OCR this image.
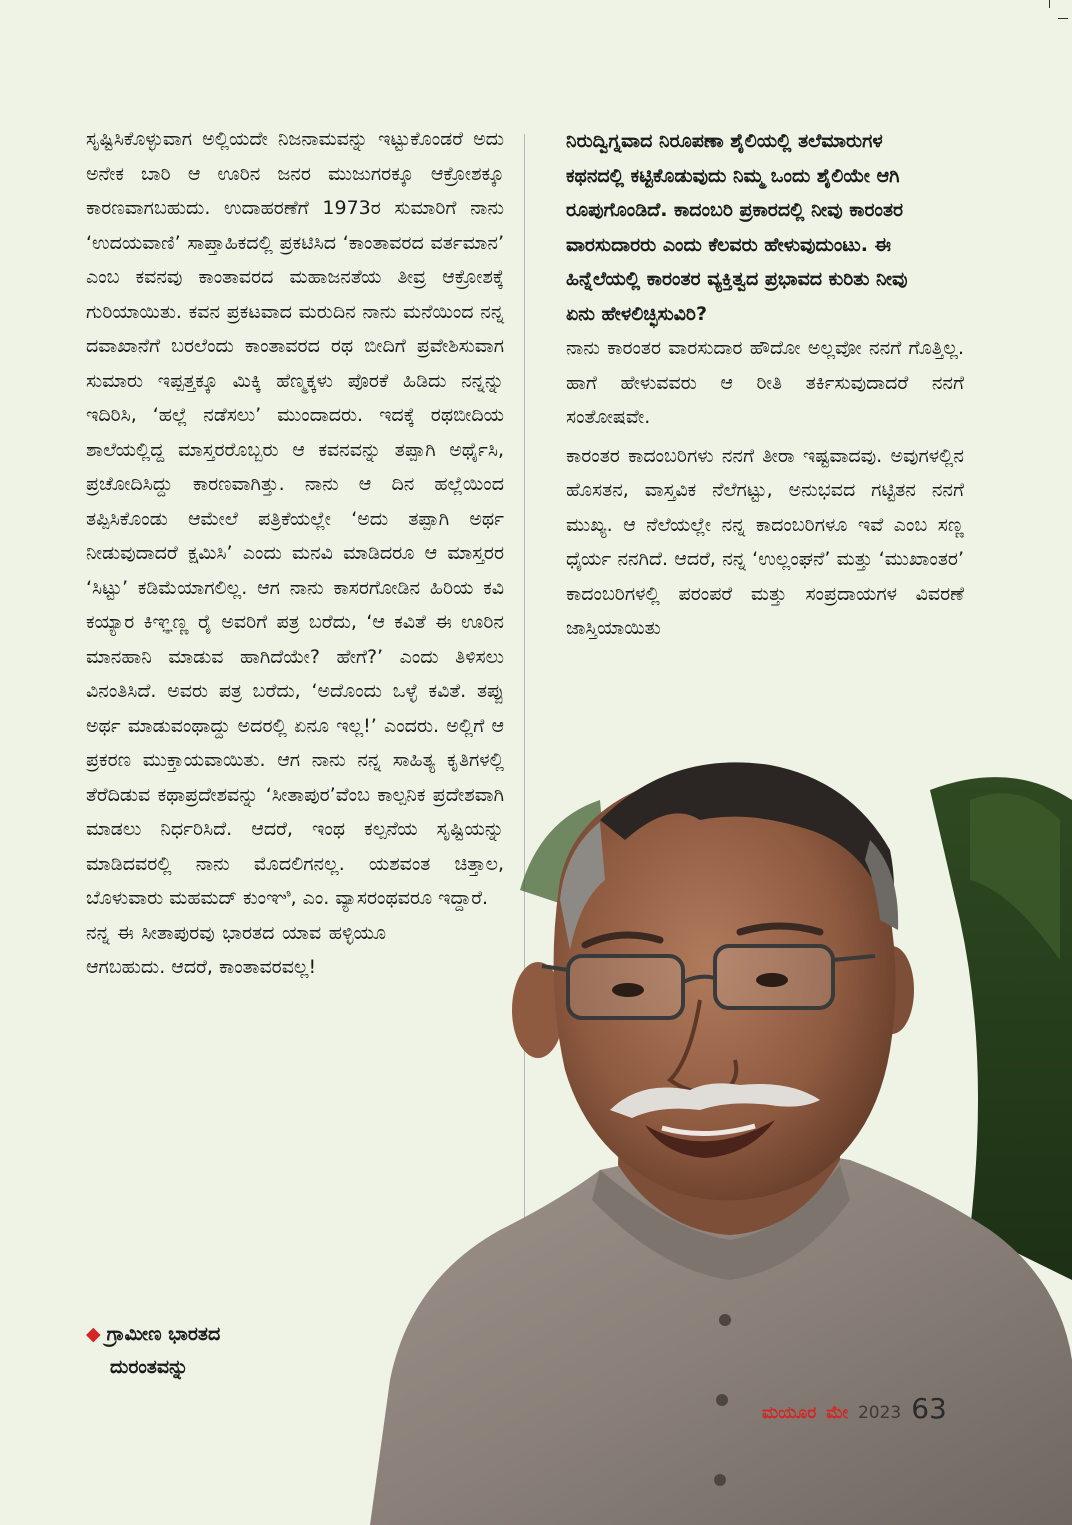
ಸೃಷ್ಟಿಸಿಕೊಳ್ಳುವಾಗ ಅಲ್ಲಿಯದೇ ನಿಜನಾಮವನ್ನು ಇಟ್ಟುಕೊಂಡರೆ ಅದು ಅನೇಕ ಬಾರಿ ಆ ಊರಿನ ಜನರ ಮುಜುಗರಕ್ಕೂ ಆಕ್ರೋಶಕ್ಕೂ ಕಾರಣವಾಗಬಹುದು. ಉದಾಹರಣೆಗೆ 1973ರ ಸುಮಾರಿಗೆ ನಾನು ‘ಉದಯವಾಣಿ’ ಸಾಪ್ತಾಹಿಕದಲ್ಲಿ ಪ್ರಕಟಿಸಿದ ‘ಕಾಂತಾವರದ ವರ್ತಮಾನ’ ಎಂಬ ಕವನವು ಕಾಂತಾವರದ ಮಹಾಜನತೆಯ ತೀವ್ರ ಆಕ್ರೋಶಕ್ಕೆ ಗುರಿಯಾಯಿತು. ಕವನ ಪ್ರಕಟವಾದ ಮರುದಿನ ನಾನು ಮನೆಯಿಂದ ನನ್ನ ದವಾಖಾನೆಗೆ ಬರಲೆಂದು ಕಾಂತಾವರದ ರಥ ಬೀದಿಗೆ ಪ್ರವೇಶಿಸುವಾಗ ಸುಮಾರು ಇಪ್ಪತ್ತಕ್ಕೂ ಮಿಕ್ಕಿ ಹೆಣ್ಮಕ್ಕಳು ಪೊರಕೆ ಹಿಡಿದು ನನ್ನನ್ನು ಇದಿರಿಸಿ, ‘ಹಲ್ಲೆ ನಡೆಸಲು’ ಮುಂದಾದರು. ಇದಕ್ಕೆ ರಥಬೀದಿಯ ಶಾಲೆಯಲ್ಲಿದ್ದ ಮಾಸ್ತರರೊಬ್ಬರು ಆ ಕವನವನ್ನು ತಪ್ಪಾಗಿ ಅರ್ಥೈಸಿ, ಪ್ರಚೋದಿಸಿದ್ದು ಕಾರಣವಾಗಿತ್ತು. ನಾನು ಆ ದಿನ ಹಲ್ಲೆಯಿಂದ ತಪ್ಪಿಸಿಕೊಂಡು ಆಮೇಲೆ ಪತ್ರಿಕೆಯಲ್ಲೇ ‘ಅದು ತಪ್ಪಾಗಿ ಅರ್ಥ ನೀಡುವುದಾದರೆ ಕ್ಷಮಿಸಿ’ ಎಂದು ಮನವಿ ಮಾಡಿದರೂ ಆ ಮಾಸ್ತರರ ‘ಸಿಟ್ಟು’ ಕಡಿಮೆಯಾಗಲಿಲ್ಲ. ಆಗ ನಾನು ಕಾಸರಗೋಡಿನ ಹಿರಿಯ ಕವಿ ಕಯ್ಯಾರ ಕಿಞ್ಞಣ್ಣ ರೈ ಅವರಿಗೆ ಪತ್ರ ಬರೆದು, ‘ಆ ಕವಿತೆ ಈ ಊರಿನ ಮಾನಹಾನಿ ಮಾಡುವ ಹಾಗಿದೆಯೇ? ಹೇಗೆ?’ ಎಂದು ತಿಳಿಸಲು ವಿನಂತಿಸಿದೆ. ಅವರು ಪತ್ರ ಬರೆದು, ‘ಅದೊಂದು ಒಳ್ಳೆ ಕವಿತೆ. ತಪ್ಪು ಅರ್ಥ ಮಾಡುವಂಥಾದ್ದು ಅದರಲ್ಲಿ ಏನೂ ಇಲ್ಲ!’ ಎಂದರು. ಅಲ್ಲಿಗೆ ಆ ಪ್ರಕರಣ ಮುಕ್ತಾಯವಾಯಿತು. ಆಗ ನಾನು ನನ್ನ ಸಾಹಿತ್ಯ ಕೃತಿಗಳಲ್ಲಿ ತೆರೆದಿಡುವ ಕಥಾಪ್ರದೇಶವನ್ನು ‘ಸೀತಾಪುರ’ವೆಂಬ ಕಾಲ್ಪನಿಕ ಪ್ರದೇಶವಾಗಿ ಮಾಡಲು ನಿರ್ಧರಿಸಿದೆ. ಆದರೆ, ಇಂಥ ಕಲ್ಪನೆಯ ಸೃಷ್ಟಿಯನ್ನು ಮಾಡಿದವರಲ್ಲಿ ನಾನು ಮೊದಲಿಗನಲ್ಲ. ಯಶವಂತ ಚಿತ್ತಾಲ, ಬೊಳುವಾರು ಮಹಮದ್ ಕುಂಞಿ, ಎಂ. ವ್ಯಾಸರಂಥವರೂ ಇದ್ದಾರೆ.

ನನ್ನ ಈ ಸೀತಾಪುರವು ಭಾರತದ ಯಾವ ಹಳ್ಳಿಯೂ ಆಗಬಹುದು. ಆದರೆ, ಕಾಂತಾವರವಲ್ಲ!

ನಿರುದ್ವಿಗ್ನವಾದ ನಿರೂಪಣಾ ಶೈಲಿಯಲ್ಲಿ ತಲೆಮಾರುಗಳ ಕಥನದಲ್ಲಿ ಕಟ್ಟಿಕೊಡುವುದು ನಿಮ್ಮ ಒಂದು ಶೈಲಿಯೇ ಆಗಿ ರೂಪುಗೊಂಡಿದೆ. ಕಾದಂಬರಿ ಪ್ರಕಾರದಲ್ಲಿ ನೀವು ಕಾರಂತರ ವಾರಸುದಾರರು ಎಂದು ಕೆಲವರು ಹೇಳುವುದುಂಟು. ಈ ಹಿನ್ನೆಲೆಯಲ್ಲಿ ಕಾರಂತರ ವ್ಯಕ್ತಿತ್ವದ ಪ್ರಭಾವದ ಕುರಿತು ನೀವು ಏನು ಹೇಳಲಿಚ್ಛಿಸುವಿರಿ?

ನಾನು ಕಾರಂತರ ವಾರಸುದಾರ ಹೌದೋ ಅಲ್ಲವೋ ನನಗೆ ಗೊತ್ತಿಲ್ಲ. ಹಾಗೆ ಹೇಳುವವರು ಆ ರೀತಿ ತರ್ಕಿಸುವುದಾದರೆ ನನಗೆ ಸಂತೋಷವೇ.

ಕಾರಂತರ ಕಾದಂಬರಿಗಳು ನನಗೆ ತೀರಾ ಇಷ್ಟವಾದವು. ಅವುಗಳಲ್ಲಿನ ಹೊಸತನ, ವಾಸ್ತವಿಕ ನೆಲೆಗಟ್ಟು, ಅನುಭವದ ಗಟ್ಟಿತನ ನನಗೆ ಮುಖ್ಯ. ಆ ನೆಲೆಯಲ್ಲೇ ನನ್ನ ಕಾದಂಬರಿಗಳೂ ಇವೆ ಎಂಬ ಸಣ್ಣ ಧೈರ್ಯ ನನಗಿದೆ. ಆದರೆ, ನನ್ನ ‘ಉಲ್ಲಂಘನೆ’ ಮತ್ತು ‘ಮುಖಾಂತರ’ ಕಾದಂಬರಿಗಳಲ್ಲಿ ಪರಂಪರೆ ಮತ್ತು ಸಂಪ್ರದಾಯಗಳ ವಿವರಣೆ ಜಾಸ್ತಿಯಾಯಿತು

◆ ಗ್ರಾಮೀಣ ಭಾರತದ
ದುರಂತವನ್ನು
ಮಯೂರ ಮೇ 2023 63
